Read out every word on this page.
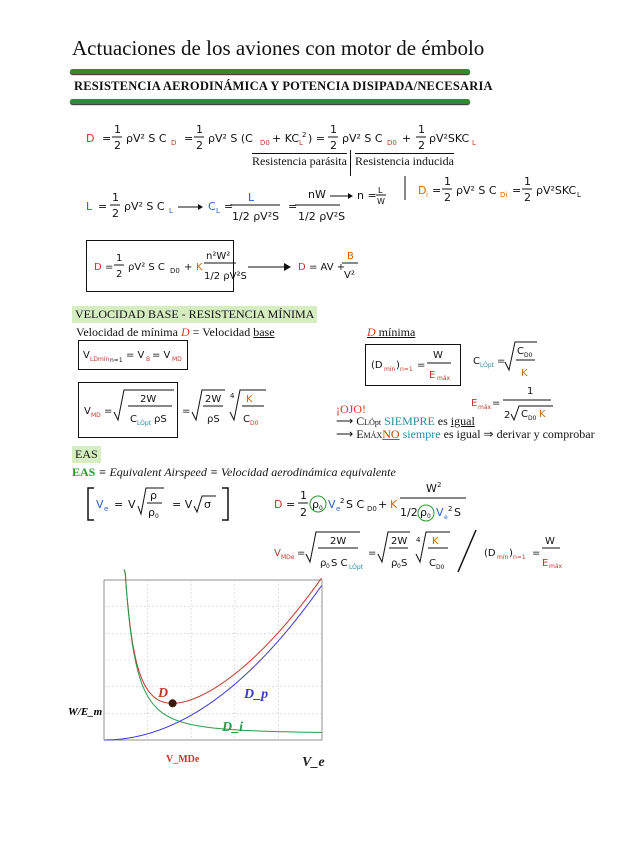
Actuaciones de los aviones con motor de émbolo
RESISTENCIA AERODINÁMICA Y POTENCIA DISIPADA/NECESARIA
D =
1
2
ρV² S C D =
1
2
ρV² S (C D0 + KC L
2 ) =
1
2
ρV² S C D0 +
1
2
ρV²SKC L
Resistencia parásita Resistencia inducida
L =
1
2
ρV² S C L	C L =
L
1/2 ρV²S
=
nW
1/2 ρV²S
n = L
W
D i =
1
2
ρV² S C Di =
1
2
ρV²SKC L
D =
1
2
ρV² S C D0 + K
n²W²
1/2 ρV²S
D = AV +
B
V²
VELOCIDAD BASE - RESISTENCIA MÍNIMA
Velocidad de mínima D = Velocidad base	D mínima
V LDmín n=1 = V B = V MD
V MD =
2W
C LÓpt ρS
=
2W
ρS
4 K
C D0
(D mín ) n=1 =
W
E máx
C LÓpt =
C D0
K
E máx =
1
2 C D0 K
¡OJO!
⟶ CLÓpt SIEMPRE es igual
⟶ EMÁXNO siempre es igual ⇒ derivar y comprobar
EAS
EAS ≡ Equivalent Airspeed ≡ Velocidad aerodinámica equivalente
V e = V
ρ
ρ 0
= V σ	D =
1
2
ρ 0 V e
2 S C D0 + K
W 2
1/2 ρ 0 V e
2 S
V MDe =
2W
ρ 0 S C LÓpt
=
2W
ρ 0 S
4 K
C D0
(D mín ) n=1 =
W
E máx
W/E_m
V_MDe	V_e
D	D_p
D_i
